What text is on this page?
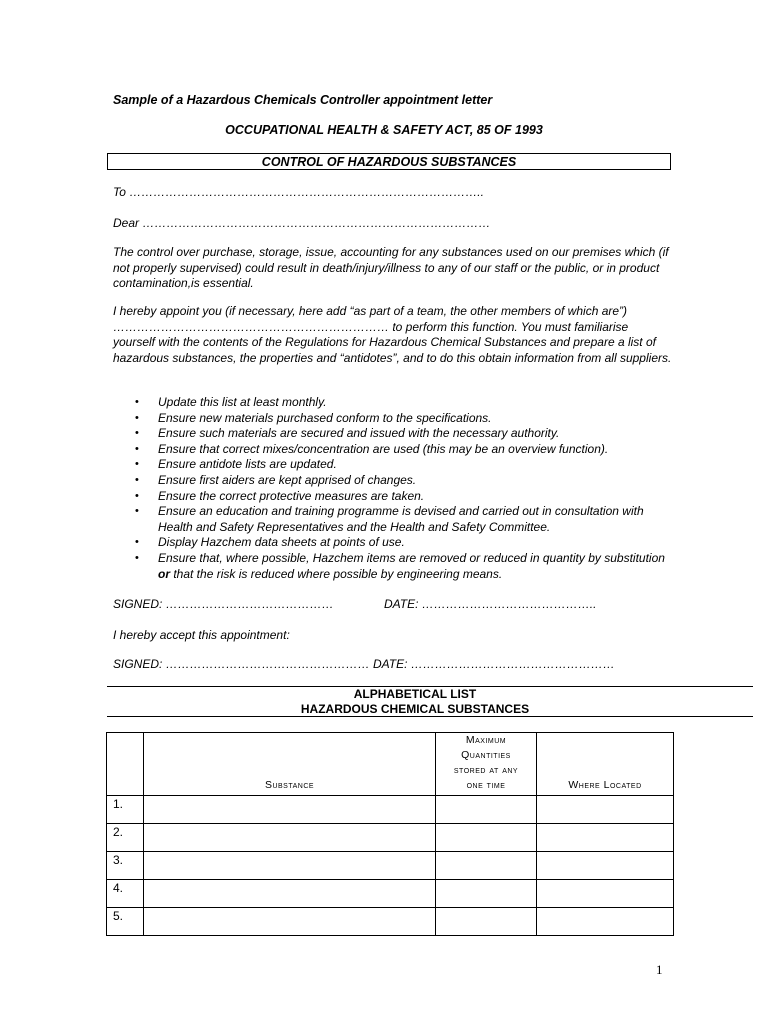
Sample of a Hazardous Chemicals Controller appointment letter
OCCUPATIONAL HEALTH & SAFETY ACT, 85 OF 1993
CONTROL OF HAZARDOUS SUBSTANCES
To ……………………………………………………………………………..
Dear ……………………………………………………………………………
The control over purchase, storage, issue, accounting for any substances used on our premises which (if not properly supervised) could result in death/injury/illness to any of our staff or the public, or in product contamination,is essential.
I hereby appoint you (if necessary, here add “as part of a team, the other members of which are”) …………………………………………………………… to perform this function. You must familiarise yourself with the contents of the Regulations for Hazardous Chemical Substances and prepare a list of hazardous substances, the properties and “antidotes”, and to do this obtain information from all suppliers.
• Update this list at least monthly.
• Ensure new materials purchased conform to the specifications.
• Ensure such materials are secured and issued with the necessary authority.
• Ensure that correct mixes/concentration are used (this may be an overview function).
• Ensure antidote lists are updated.
• Ensure first aiders are kept apprised of changes.
• Ensure the correct protective measures are taken.
• Ensure an education and training programme is devised and carried out in consultation with Health and Safety Representatives and the Health and Safety Committee.
• Display Hazchem data sheets at points of use.
• Ensure that, where possible, Hazchem items are removed or reduced in quantity by substitution or that the risk is reduced where possible by engineering means.
SIGNED: ……………………………………	DATE: ……………………………………..
I hereby accept this appointment:
SIGNED: …………………………………………… DATE: ……………………………………………
ALPHABETICAL LIST
HAZARDOUS CHEMICAL SUBSTANCES

	Substance	Maximum
Quantities
stored at any
one time	Where Located

1.			
2.			
3.			
4.			
5.			
1
